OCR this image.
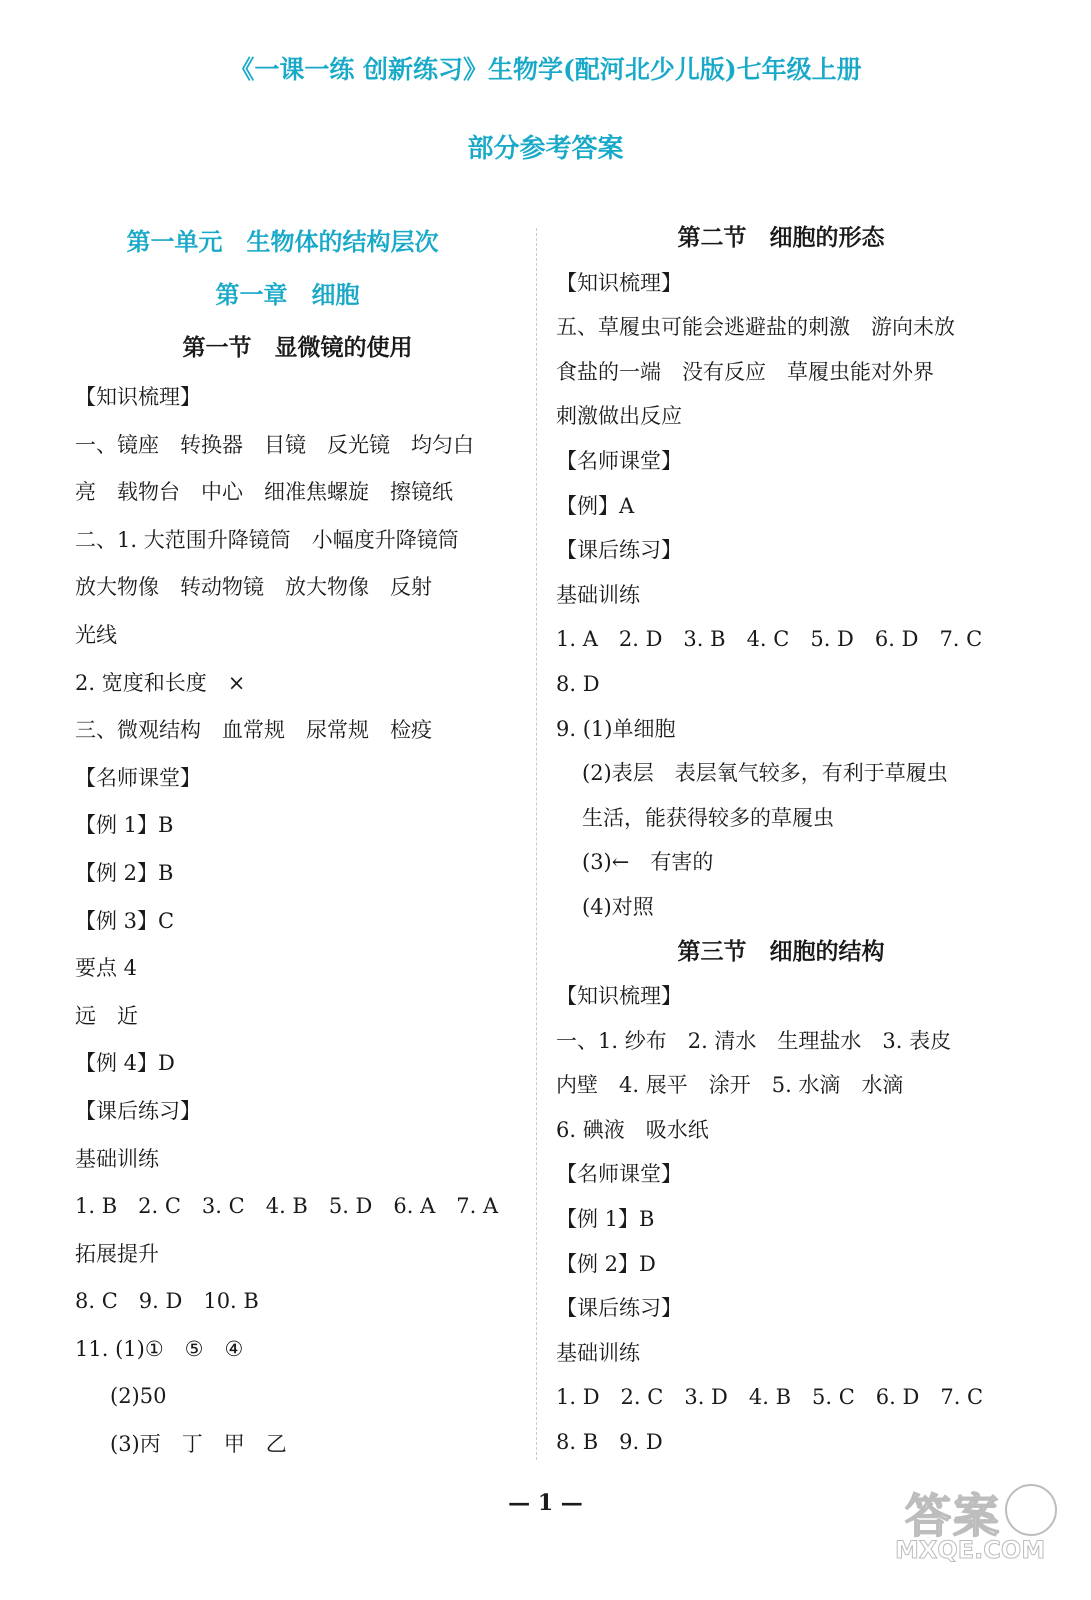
《一课一练 创新练习》生物学(配河北少儿版)七年级上册
部分参考答案
第一单元　生物体的结构层次
第一章　细胞
第一节　显微镜的使用
【知识梳理】
一、镜座　转换器　目镜　反光镜　均匀白
亮　载物台　中心　细准焦螺旋　擦镜纸
二、1. 大范围升降镜筒　小幅度升降镜筒
放大物像　转动物镜　放大物像　反射
光线
2. 宽度和长度　×
三、微观结构　血常规　尿常规　检疫
【名师课堂】
【例 1】B
【例 2】B
【例 3】C
要点 4
远　近
【例 4】D
【课后练习】
基础训练
1. B　2. C　3. C　4. B　5. D　6. A　7. A
拓展提升
8. C　9. D　10. B
11. (1)①　⑤　④
(2)50
(3)丙　丁　甲　乙
第二节　细胞的形态
【知识梳理】
五、草履虫可能会逃避盐的刺激　游向未放
食盐的一端　没有反应　草履虫能对外界
刺激做出反应
【名师课堂】
【例】A
【课后练习】
基础训练
1. A　2. D　3. B　4. C　5. D　6. D　7. C
8. D
9. (1)单细胞
(2)表层　表层氧气较多，有利于草履虫
生活，能获得较多的草履虫
(3)←　有害的
(4)对照
第三节　细胞的结构
【知识梳理】
一、1. 纱布　2. 清水　生理盐水　3. 表皮
内壁　4. 展平　涂开　5. 水滴　水滴
6. 碘液　吸水纸
【名师课堂】
【例 1】B
【例 2】D
【课后练习】
基础训练
1. D　2. C　3. D　4. B　5. C　6. D　7. C
8. B　9. D
— 1 —	答案
MXQE.COM
